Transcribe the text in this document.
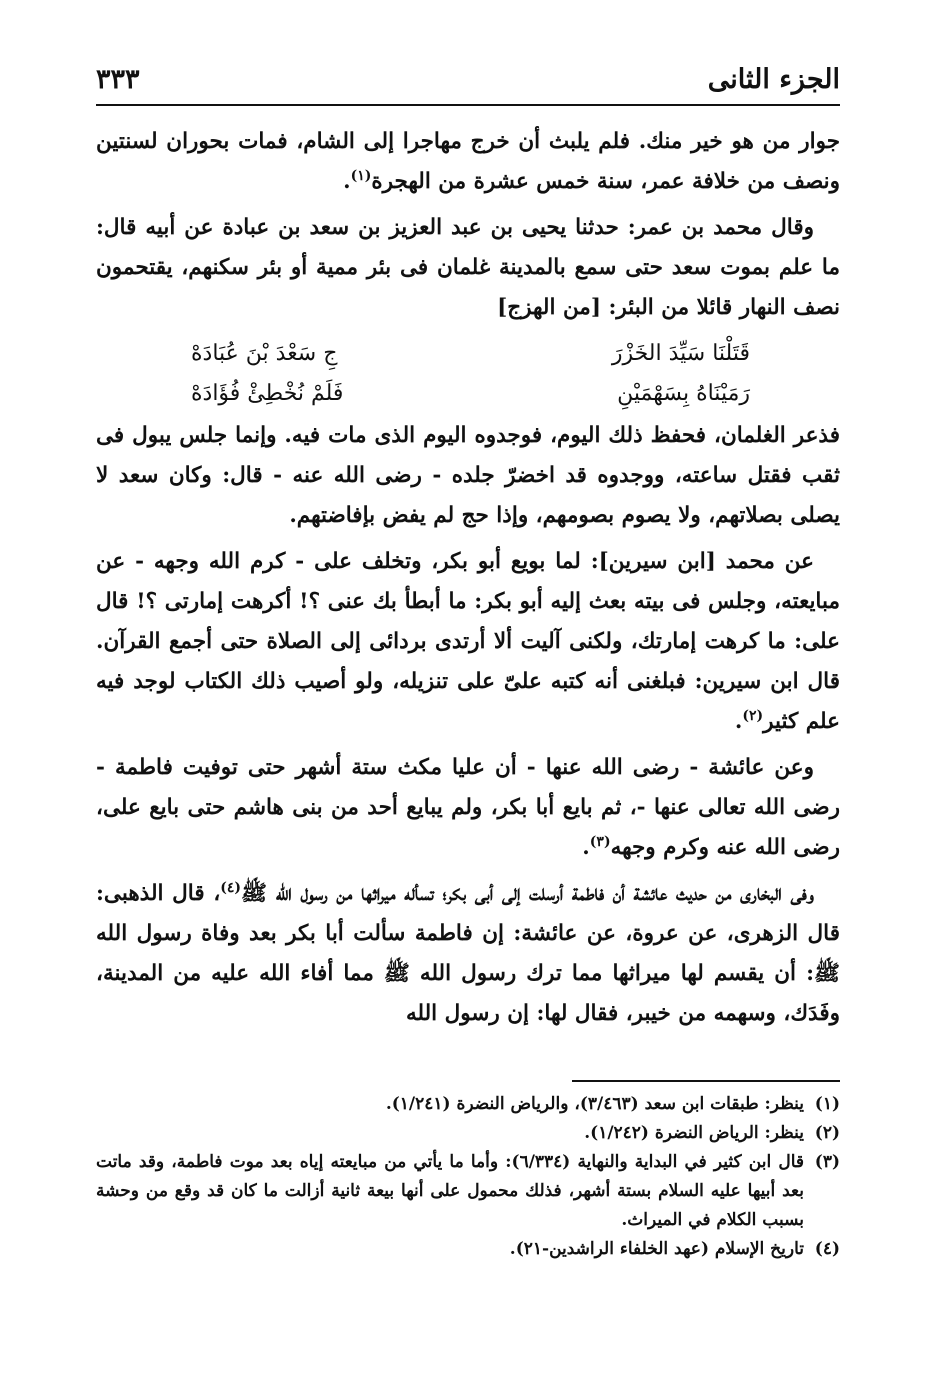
الجزء الثانى
٣٣٣

جوار من هو خير منك. فلم يلبث أن خرج مهاجرا إلى الشام، فمات بحوران لسنتين ونصف من خلافة عمر، سنة خمس عشرة من الهجرة$^{(١)}$.

وقال محمد بن عمر: حدثنا يحيى بن عبد العزيز بن سعد بن عبادة عن أبيه قال: ما علم بموت سعد حتى سمع بالمدينة غلمان فى بئر ممية أو بئر سكنهم، يقتحمون نصف النهار قائلا من البئر: [من الهزج]

قَتَلْنَا سَيِّدَ الخَزْرَ
جِ سَعْدَ بْنَ عُبَادَهْ
رَمَيْنَاهُ بِسَهْمَيْنِ
فَلَمْ نُخْطِئْ فُؤَادَهْ

فذعر الغلمان، فحفظ ذلك اليوم، فوجدوه اليوم الذى مات فيه. وإنما جلس يبول فى ثقب فقتل ساعته، ووجدوه قد اخضرّ جلده - رضى الله عنه - قال: وكان سعد لا يصلى بصلاتهم، ولا يصوم بصومهم، وإذا حج لم يفض بإفاضتهم.

عن محمد [ابن سيرين]: لما بويع أبو بكر، وتخلف على - كرم الله وجهه - عن مبايعته، وجلس فى بيته بعث إليه أبو بكر: ما أبطأ بك عنى ؟! أكرهت إمارتى ؟! قال على: ما كرهت إمارتك، ولكنى آليت ألا أرتدى بردائى إلى الصلاة حتى أجمع القرآن. قال ابن سيرين: فبلغنى أنه كتبه علىّ على تنزيله، ولو أصيب ذلك الكتاب لوجد فيه علم كثير$^{(٢)}$.

وعن عائشة - رضى الله عنها - أن عليا مكث ستة أشهر حتى توفيت فاطمة - رضى الله تعالى عنها -، ثم بايع أبا بكر، ولم يبايع أحد من بنى هاشم حتى بايع على، رضى الله عنه وكرم وجهه$^{(٣)}$.

وفى البخارى من حديث عائشة أن فاطمة أرسلت إلى أبى بكر؛ تسأله ميراثها من رسول الله ﷺ$^{(٤)}$، قال الذهبى: قال الزهرى، عن عروة، عن عائشة: إن فاطمة سألت أبا بكر بعد وفاة رسول الله ﷺ: أن يقسم لها ميراثها مما ترك رسول الله ﷺ مما أفاء الله عليه من المدينة، وفَدَك، وسهمه من خيبر، فقال لها: إن رسول الله

(١)
ينظر: طبقات ابن سعد (٣/٤٦٣)، والرياض النضرة (١/٢٤١).
(٢)
ينظر: الرياض النضرة (١/٢٤٢).
(٣)
قال ابن كثير في البداية والنهاية (٦/٣٣٤): وأما ما يأتي من مبايعته إياه بعد موت فاطمة، وقد ماتت بعد أبيها عليه السلام بستة أشهر، فذلك محمول على أنها بيعة ثانية أزالت ما كان قد وقع من وحشة بسبب الكلام في الميراث.
(٤)
تاريخ الإسلام (عهد الخلفاء الراشدين-٢١).
